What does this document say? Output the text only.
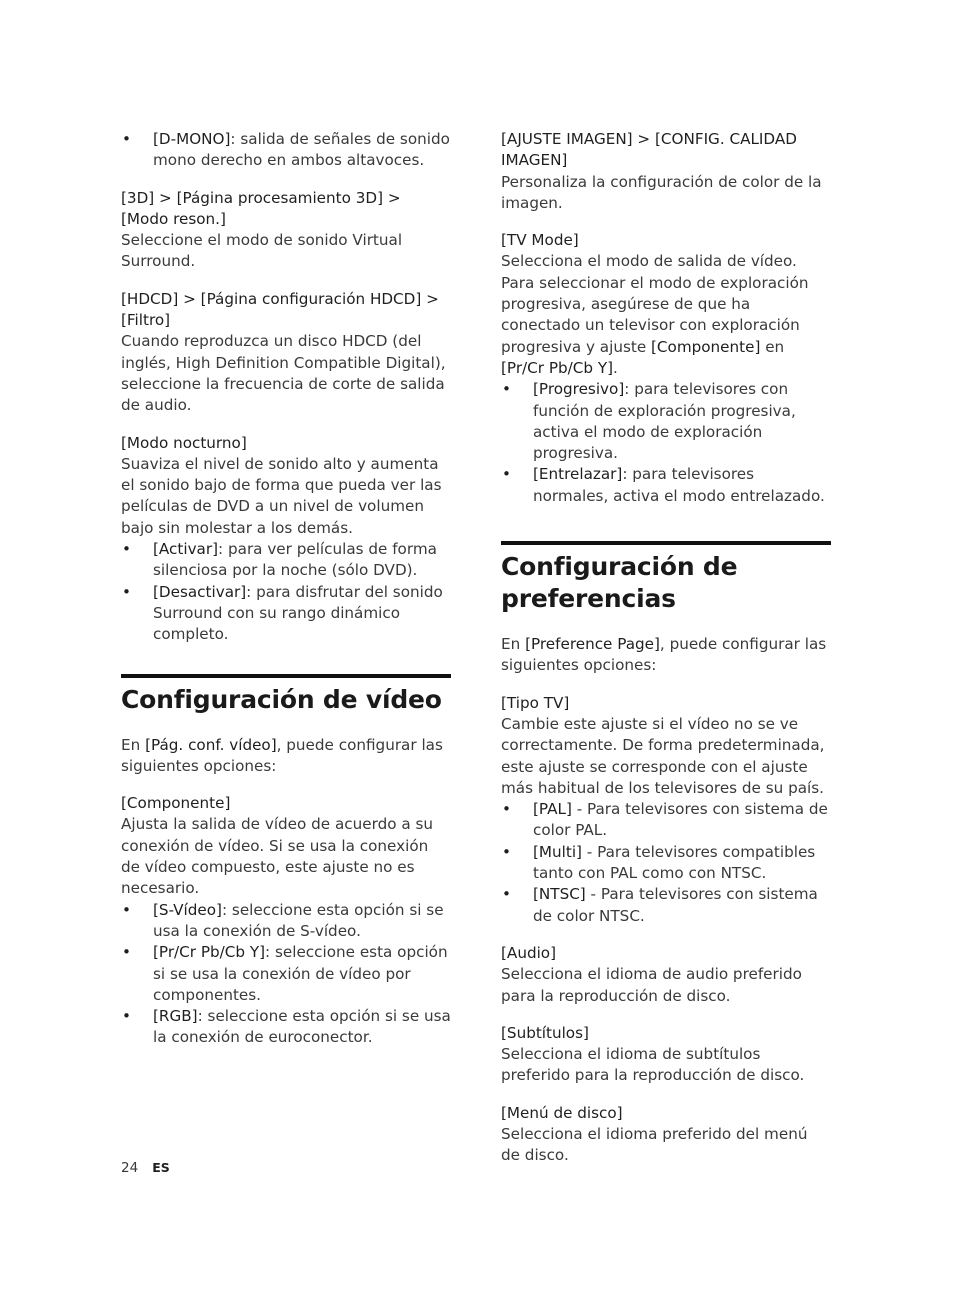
• [D-MONO]: salida de señales de sonido mono derecho en ambos altavoces.

[3D] > [Página procesamiento 3D] > [Modo reson.]

Seleccione el modo de sonido Virtual Surround.

[HDCD] > [Página configuración HDCD] > [Filtro]

Cuando reproduzca un disco HDCD (del inglés, High Definition Compatible Digital), seleccione la frecuencia de corte de salida de audio.

[Modo nocturno]

Suaviza el nivel de sonido alto y aumenta el sonido bajo de forma que pueda ver las películas de DVD a un nivel de volumen bajo sin molestar a los demás.

• [Activar]: para ver películas de forma silenciosa por la noche (sólo DVD).
• [Desactivar]: para disfrutar del sonido Surround con su rango dinámico completo.
Configuración de vídeo

En [Pág. conf. vídeo], puede configurar las siguientes opciones:

[Componente]

Ajusta la salida de vídeo de acuerdo a su conexión de vídeo. Si se usa la conexión de vídeo compuesto, este ajuste no es necesario.

• [S-Vídeo]: seleccione esta opción si se usa la conexión de S-vídeo.
• [Pr/Cr Pb/Cb Y]: seleccione esta opción si se usa la conexión de vídeo por componentes.
• [RGB]: seleccione esta opción si se usa la conexión de euroconector.

[AJUSTE IMAGEN] > [CONFIG. CALIDAD IMAGEN]

Personaliza la configuración de color de la imagen.

[TV Mode]

Selecciona el modo de salida de vídeo.

Para seleccionar el modo de exploración progresiva, asegúrese de que ha conectado un televisor con exploración progresiva y ajuste [Componente] en [Pr/Cr Pb/Cb Y].

• [Progresivo]: para televisores con función de exploración progresiva, activa el modo de exploración progresiva.
• [Entrelazar]: para televisores normales, activa el modo entrelazado.
Configuración de preferencias

En [Preference Page], puede configurar las siguientes opciones:

[Tipo TV]

Cambie este ajuste si el vídeo no se ve correctamente. De forma predeterminada, este ajuste se corresponde con el ajuste más habitual de los televisores de su país.

• [PAL] - Para televisores con sistema de color PAL.
• [Multi] - Para televisores compatibles tanto con PAL como con NTSC.
• [NTSC] - Para televisores con sistema de color NTSC.

[Audio]

Selecciona el idioma de audio preferido para la reproducción de disco.

[Subtítulos]

Selecciona el idioma de subtítulos preferido para la reproducción de disco.

[Menú de disco]

Selecciona el idioma preferido del menú de disco.

24 ES
